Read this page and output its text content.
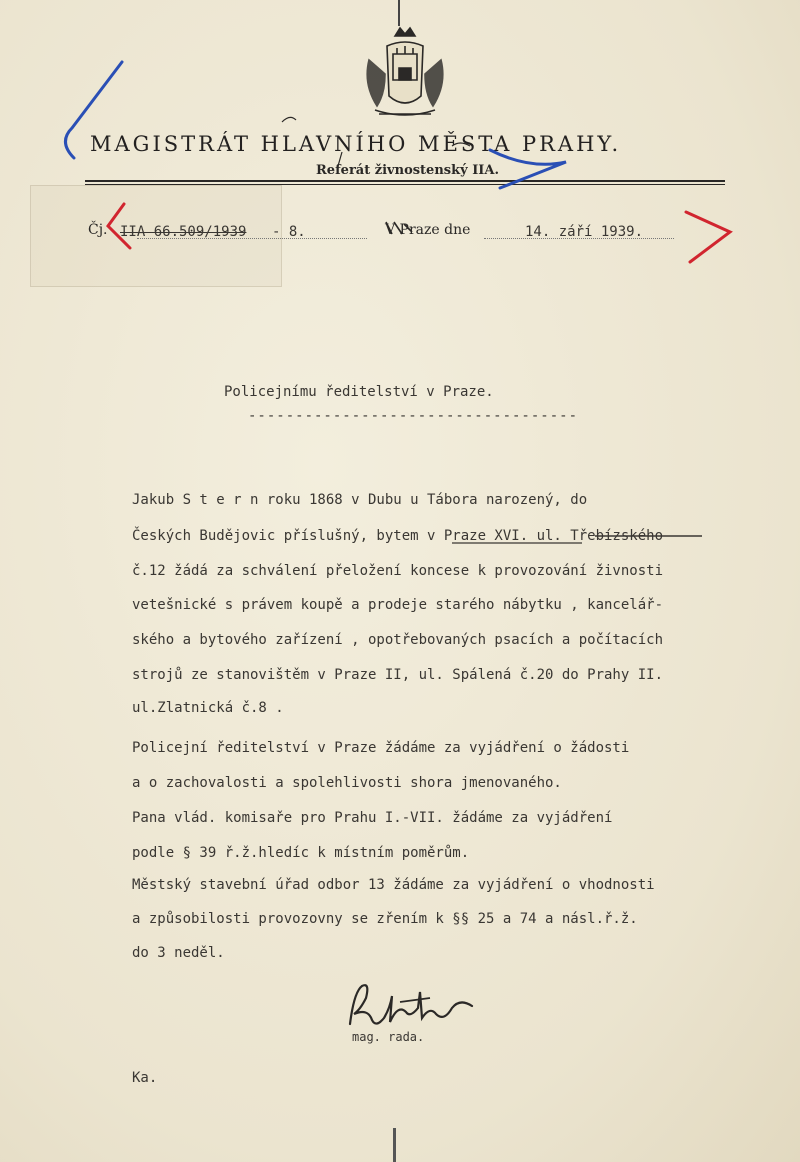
MAGISTRÁT HLAVNÍHO MĚSTA PRAHY.
Referát živnostenský IIA.
Čj. IIA 66.509/1939 - 8.	V Praze dne	14. září 1939.
Policejnímu ředitelství v Praze.
-----------------------------------
Jakub S t e r n roku 1868 v Dubu u Tábora narozený, do
Českých Budějovic příslušný, bytem v Praze XVI. ul. Třebízského
č.12 žádá za schválení přeložení koncese k provozování živnosti
vetešnické s právem koupě a prodeje starého nábytku , kancelář-
ského a bytového zařízení , opotřebovaných psacích a počítacích
strojů ze stanovištěm v Praze II, ul. Spálená č.20 do Prahy II.
ul.Zlatnická č.8 .
Policejní ředitelství v Praze žádáme za vyjádření o žádosti
a o zachovalosti a spolehlivosti shora jmenovaného.
Pana vlád. komisaře pro Prahu I.-VII. žádáme za vyjádření
podle § 39 ř.ž.hledíc k místním poměrům.
Městský stavební úřad odbor 13 žádáme za vyjádření o vhodnosti
a způsobilosti provozovny se zřením k §§ 25 a 74 a násl.ř.ž.
do 3 neděl.
mag. rada.
Ka.
